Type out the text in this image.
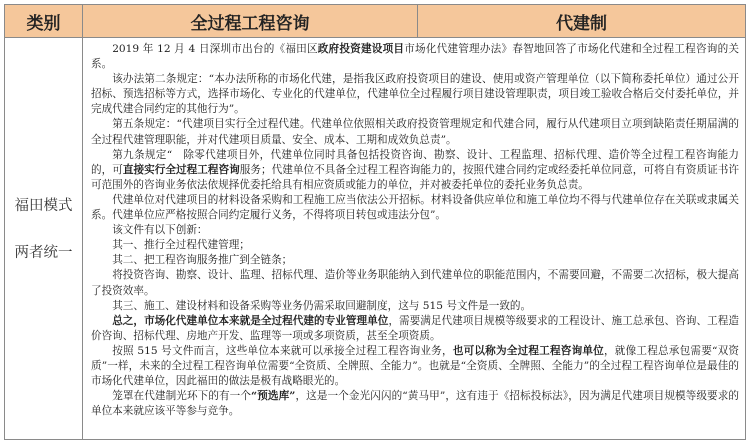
类别	全过程工程咨询	代建制
福田模式
两者统一

2019 年 12 月 4 日深圳市出台的《福田区政府投资建设项目市场化代建管理办法》春智地回答了市场化代建和全过程工程咨询的关系。

该办法第二条规定：“本办法所称的市场化代建，是指我区政府投资项目的建设、使用或资产管理单位（以下简称委托单位）通过公开招标、预选招标等方式，选择市场化、专业化的代建单位，代建单位全过程履行项目建设管理职责，项目竣工验收合格后交付委托单位，并完成代建合同约定的其他行为”。

第五条规定：“代建项目实行全过程代建。代建单位依照相关政府投资管理规定和代建合同，履行从代建项目立项到缺陷责任期届满的全过程代建管理职能，并对代建项目质量、安全、成本、工期和成效负总责”。

第九条规定“　除零代建项目外，代建单位同时具备包括投资咨询、勘察、设计、工程监理、招标代理、造价等全过程工程咨询能力的，可直接实行全过程工程咨询服务；代建单位不具备全过程工程咨询能力的，按照代建合同约定或经委托单位同意，可将自有资质证书许可范围外的咨询业务依法依规择优委托给具有相应资质或能力的单位，并对被委托单位的委托业务负总责。

代建单位对代建项目的材料设备采购和工程施工应当依法公开招标。材料设备供应单位和施工单位均不得与代建单位存在关联或隶属关系。代建单位应严格按照合同约定履行义务，不得将项目转包或违法分包”。

该文件有以下创新：

其一、推行全过程代建管理；

其二、把工程咨询服务推广到全链条；

将投资咨询、勘察、设计、监理、招标代理、造价等业务职能纳入到代建单位的职能范围内，不需要回避，不需要二次招标，极大提高了投资效率。

其三、施工、建设材料和设备采购等业务仍需采取回避制度，这与 515 号文件是一致的。

总之，市场化代建单位本来就是全过程代建的专业管理单位，需要满足代建项目规模等级要求的工程设计、施工总承包、咨询、工程造价咨询、招标代理、房地产开发、监理等一项或多项资质，甚至全项资质。

按照 515 号文件而言，这些单位本来就可以承接全过程工程咨询业务，也可以称为全过程工程咨询单位，就像工程总承包需要“双资质”一样，未来的全过程工程咨询单位需要“全资质、全牌照、全能力”。也就是“全资质、全牌照、全能力”的全过程工程咨询单位是最佳的市场化代建单位，因此福田的做法是极有战略眼光的。

笼罩在代建制光环下的有一个“预选库”，这是一个金光闪闪的“黄马甲”，这有违于《招标投标法》，因为满足代建项目规模等级要求的单位本来就应该平等参与竞争。
